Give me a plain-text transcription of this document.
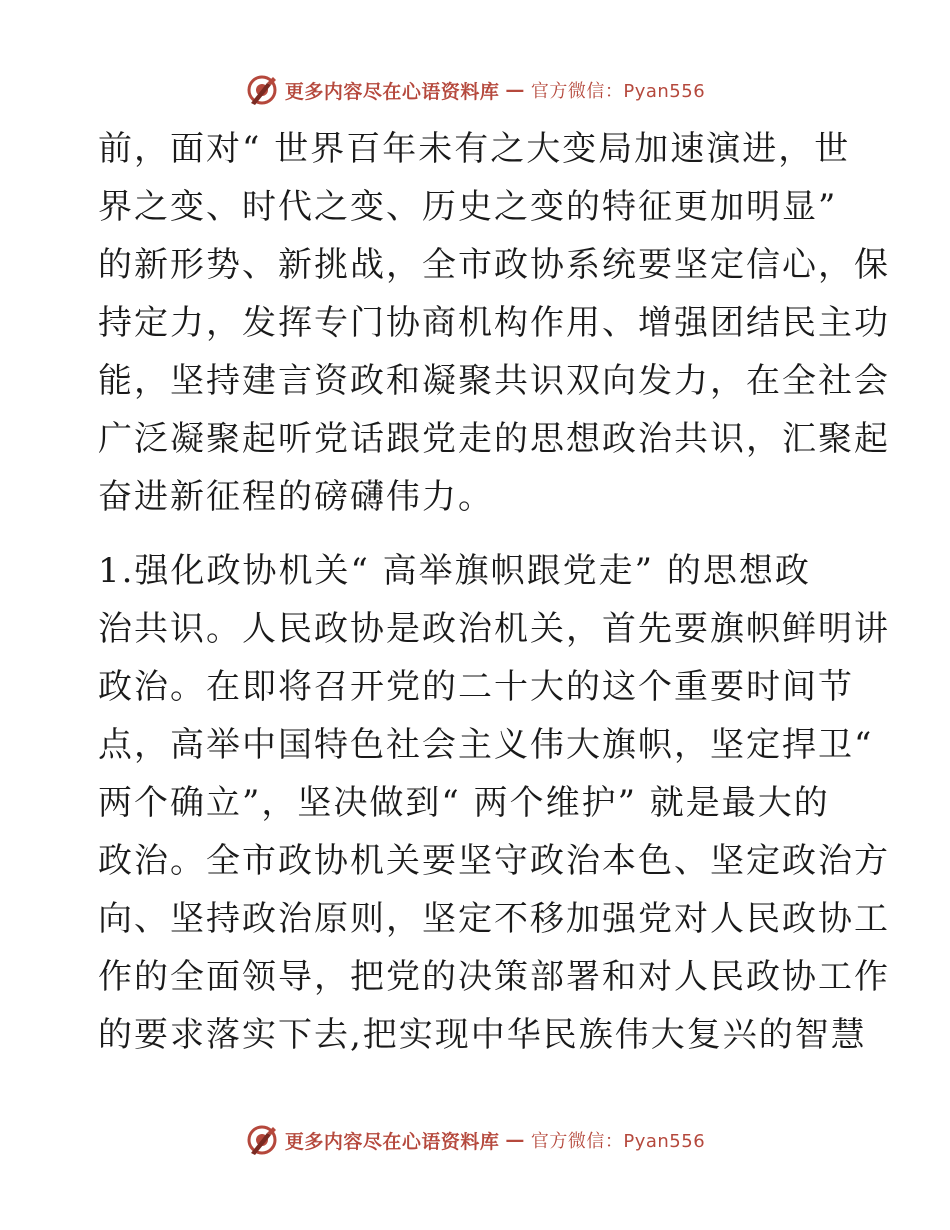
更多内容尽在心语资料库 — 官方微信：Pyan556
前，面对“ 世界百年未有之大变局加速演进，世
界之变、时代之变、历史之变的特征更加明显”
的新形势、新挑战，全市政协系统要坚定信心，保
持定力，发挥专门协商机构作用、增强团结民主功
能，坚持建言资政和凝聚共识双向发力，在全社会
广泛凝聚起听党话跟党走的思想政治共识，汇聚起
奋进新征程的磅礴伟力。
1.强化政协机关“ 高举旗帜跟党走” 的思想政
治共识。人民政协是政治机关，首先要旗帜鲜明讲
政治。在即将召开党的二十大的这个重要时间节
点，高举中国特色社会主义伟大旗帜，坚定捍卫“
两个确立”，坚决做到“ 两个维护” 就是最大的
政治。全市政协机关要坚守政治本色、坚定政治方
向、坚持政治原则，坚定不移加强党对人民政协工
作的全面领导，把党的决策部署和对人民政协工作
的要求落实下去,把实现中华民族伟大复兴的智慧
更多内容尽在心语资料库 — 官方微信：Pyan556
